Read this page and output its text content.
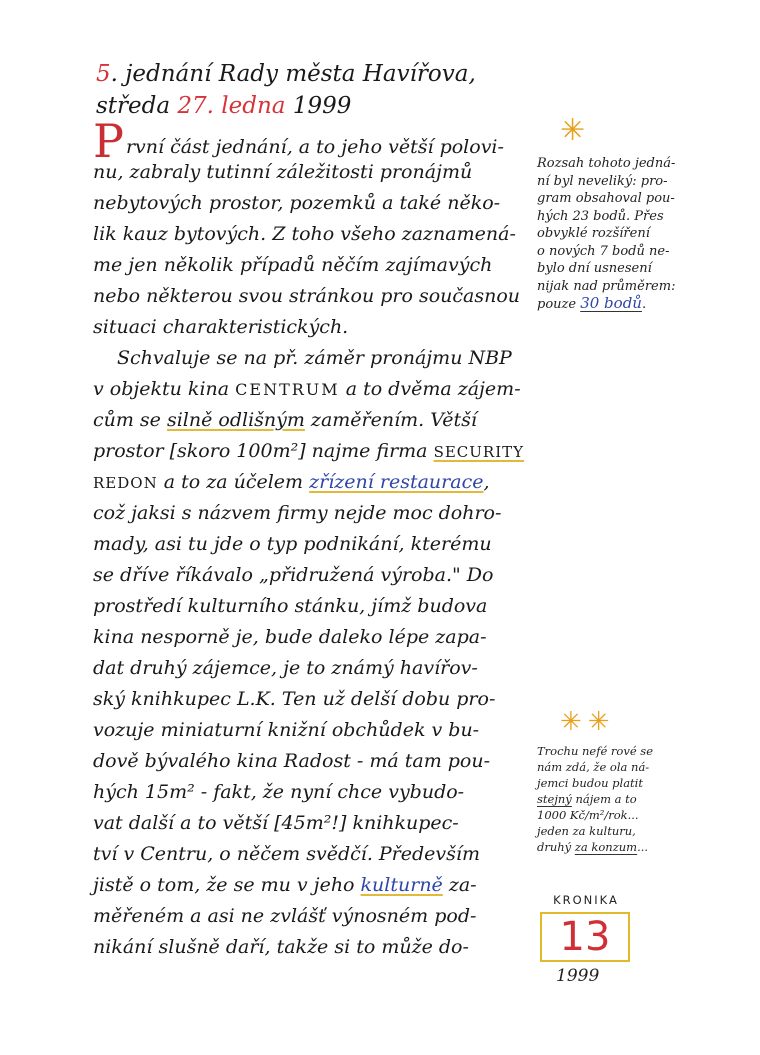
5. jednání Rady města Havířova,
středa 27. ledna 1999
✳
První část jednání, a to jeho větší polovi-
nu, zabraly tutinní záležitosti pronájmů
nebytových prostor, pozemků a také něko-
lik kauz bytových. Z toho všeho zaznamená-
me jen několik případů něčím zajímavých
nebo některou svou stránkou pro současnou
situaci charakteristických.
Schvaluje se na př. záměr pronájmu NBP
v objektu kina CENTRUM a to dvěma zájem-
cům se silně odlišným zaměřením. Větší
prostor [skoro 100m²] najme firma SECURITY
REDON a to za účelem zřízení restaurace,
což jaksi s názvem firmy nejde moc dohro-
mady, asi tu jde o typ podnikání, kterému
se dříve říkávalo „přidružená výroba." Do
prostředí kulturního stánku, jímž budova
kina nesporně je, bude daleko lépe zapa-
dat druhý zájemce, je to známý havířov-
ský knihkupec L.K. Ten už delší dobu pro-
vozuje miniaturní knižní obchůdek v bu-
dově bývalého kina Radost - má tam pou-
hých 15m² - fakt, že nyní chce vybudo-
vat další a to větší [45m²!] knihkupec-
tví v Centru, o něčem svědčí. Především
jistě o tom, že se mu v jeho kulturně za-
měřeném a asi ne zvlášť výnosném pod-
nikání slušně daří, takže si to může do-
Rozsah tohoto jedná-
ní byl neveliký: pro-
gram obsahoval pou-
hých 23 bodů. Přes
obvyklé rozšíření
o nových 7 bodů ne-
bylo dní usnesení
nijak nad průměrem:
pouze 30 bodů.
✳✳
Trochu nefé rové se
nám zdá, že ola ná-
jemci budou platit
stejný nájem a to
1000 Kč/m²/rok...
jeden za kulturu,
druhý za konzum...
KRONIKA
13
1999
